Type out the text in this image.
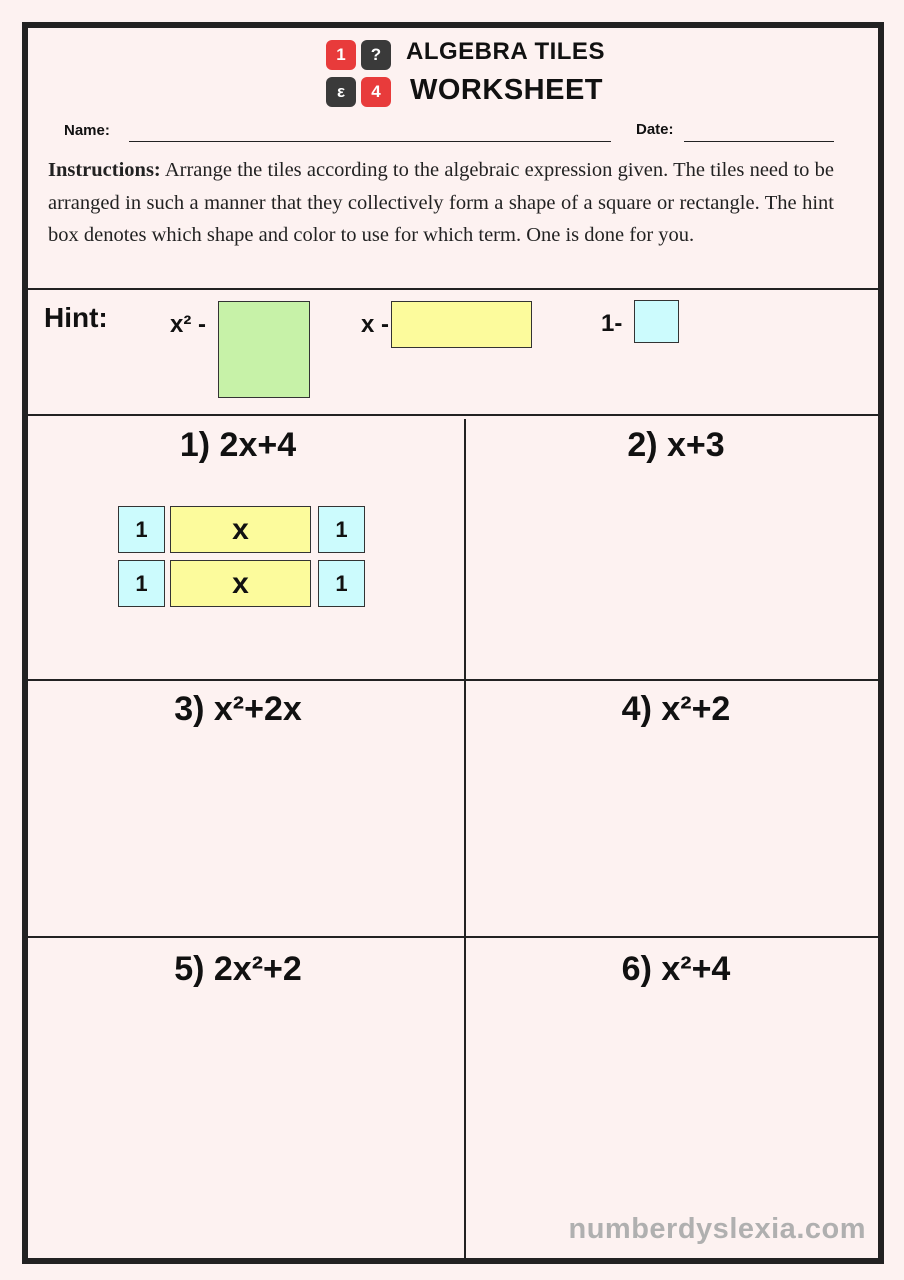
1	?
ε	4
ALGEBRA TILES
WORKSHEET
Name:	Date:
Instructions: Arrange the tiles according to the algebraic expression given. The tiles need to be arranged in such a manner that they collectively form a shape of a square or rectangle. The hint box denotes which shape and color to use for which term. One is done for you.
Hint:	x² -	x -	1-
1) 2x+4	2) x+3
3) x²+2x	4) x²+2
5) 2x²+2	6) x²+4
1	x	1
1	x	1
numberdyslexia.com
